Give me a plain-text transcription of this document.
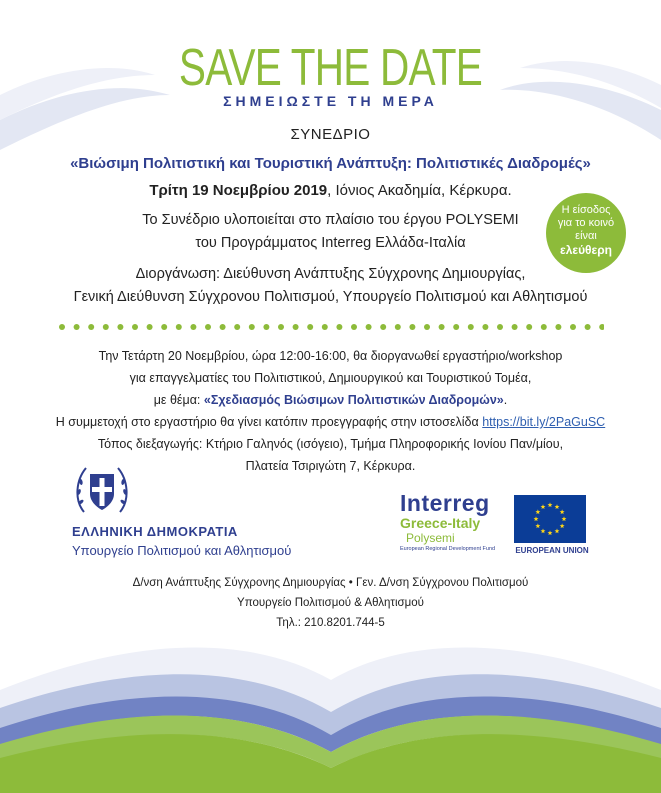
SAVE THE DATE
ΣΗΜΕΙΩΣΤΕ ΤΗ ΜΕΡΑ
ΣΥΝΕΔΡΙΟ
«Βιώσιμη Πολιτιστική και Τουριστική Ανάπτυξη: Πολιτιστικές Διαδρομές»
Τρίτη 19 Νοεμβρίου 2019, Ιόνιος Ακαδημία, Κέρκυρα.
Το Συνέδριο υλοποιείται στο πλαίσιο του έργου POLYSEMI
του Προγράμματος Interreg Ελλάδα-Ιταλία
Διοργάνωση: Διεύθυνση Ανάπτυξης Σύγχρονης Δημιουργίας,
Γενική Διεύθυνση Σύγχρονου Πολιτισμού, Υπουργείο Πολιτισμού και Αθλητισμού
Η είσοδος
για το κοινό
είναι
ελεύθερη
Την Τετάρτη 20 Νοεμβρίου, ώρα 12:00-16:00, θα διοργανωθεί εργαστήριο/workshop
για επαγγελματίες του Πολιτιστικού, Δημιουργικού και Τουριστικού Τομέα,
με θέμα: «Σχεδιασμός Βιώσιμων Πολιτιστικών Διαδρομών».
Η συμμετοχή στο εργαστήριο θα γίνει κατόπιν προεγγραφής στην ιστοσελίδα https://bit.ly/2PaGuSC
Τόπος διεξαγωγής: Κτήριο Γαληνός (ισόγειο), Τμήμα Πληροφορικής Ιονίου Παν/μίου,
Πλατεία Τσιριγώτη 7, Κέρκυρα.
ΕΛΛΗΝΙΚΗ ΔΗΜΟΚΡΑΤΙΑ
Υπουργείο Πολιτισμού και Αθλητισμού
Interreg
Greece-Italy
Polysemi
European Regional Development Fund	EUROPEAN UNION
Δ/νση Ανάπτυξης Σύγχρονης Δημιουργίας • Γεν. Δ/νση Σύγχρονου Πολιτισμού
Υπουργείο Πολιτισμού & Αθλητισμού
Τηλ.: 210.8201.744-5
